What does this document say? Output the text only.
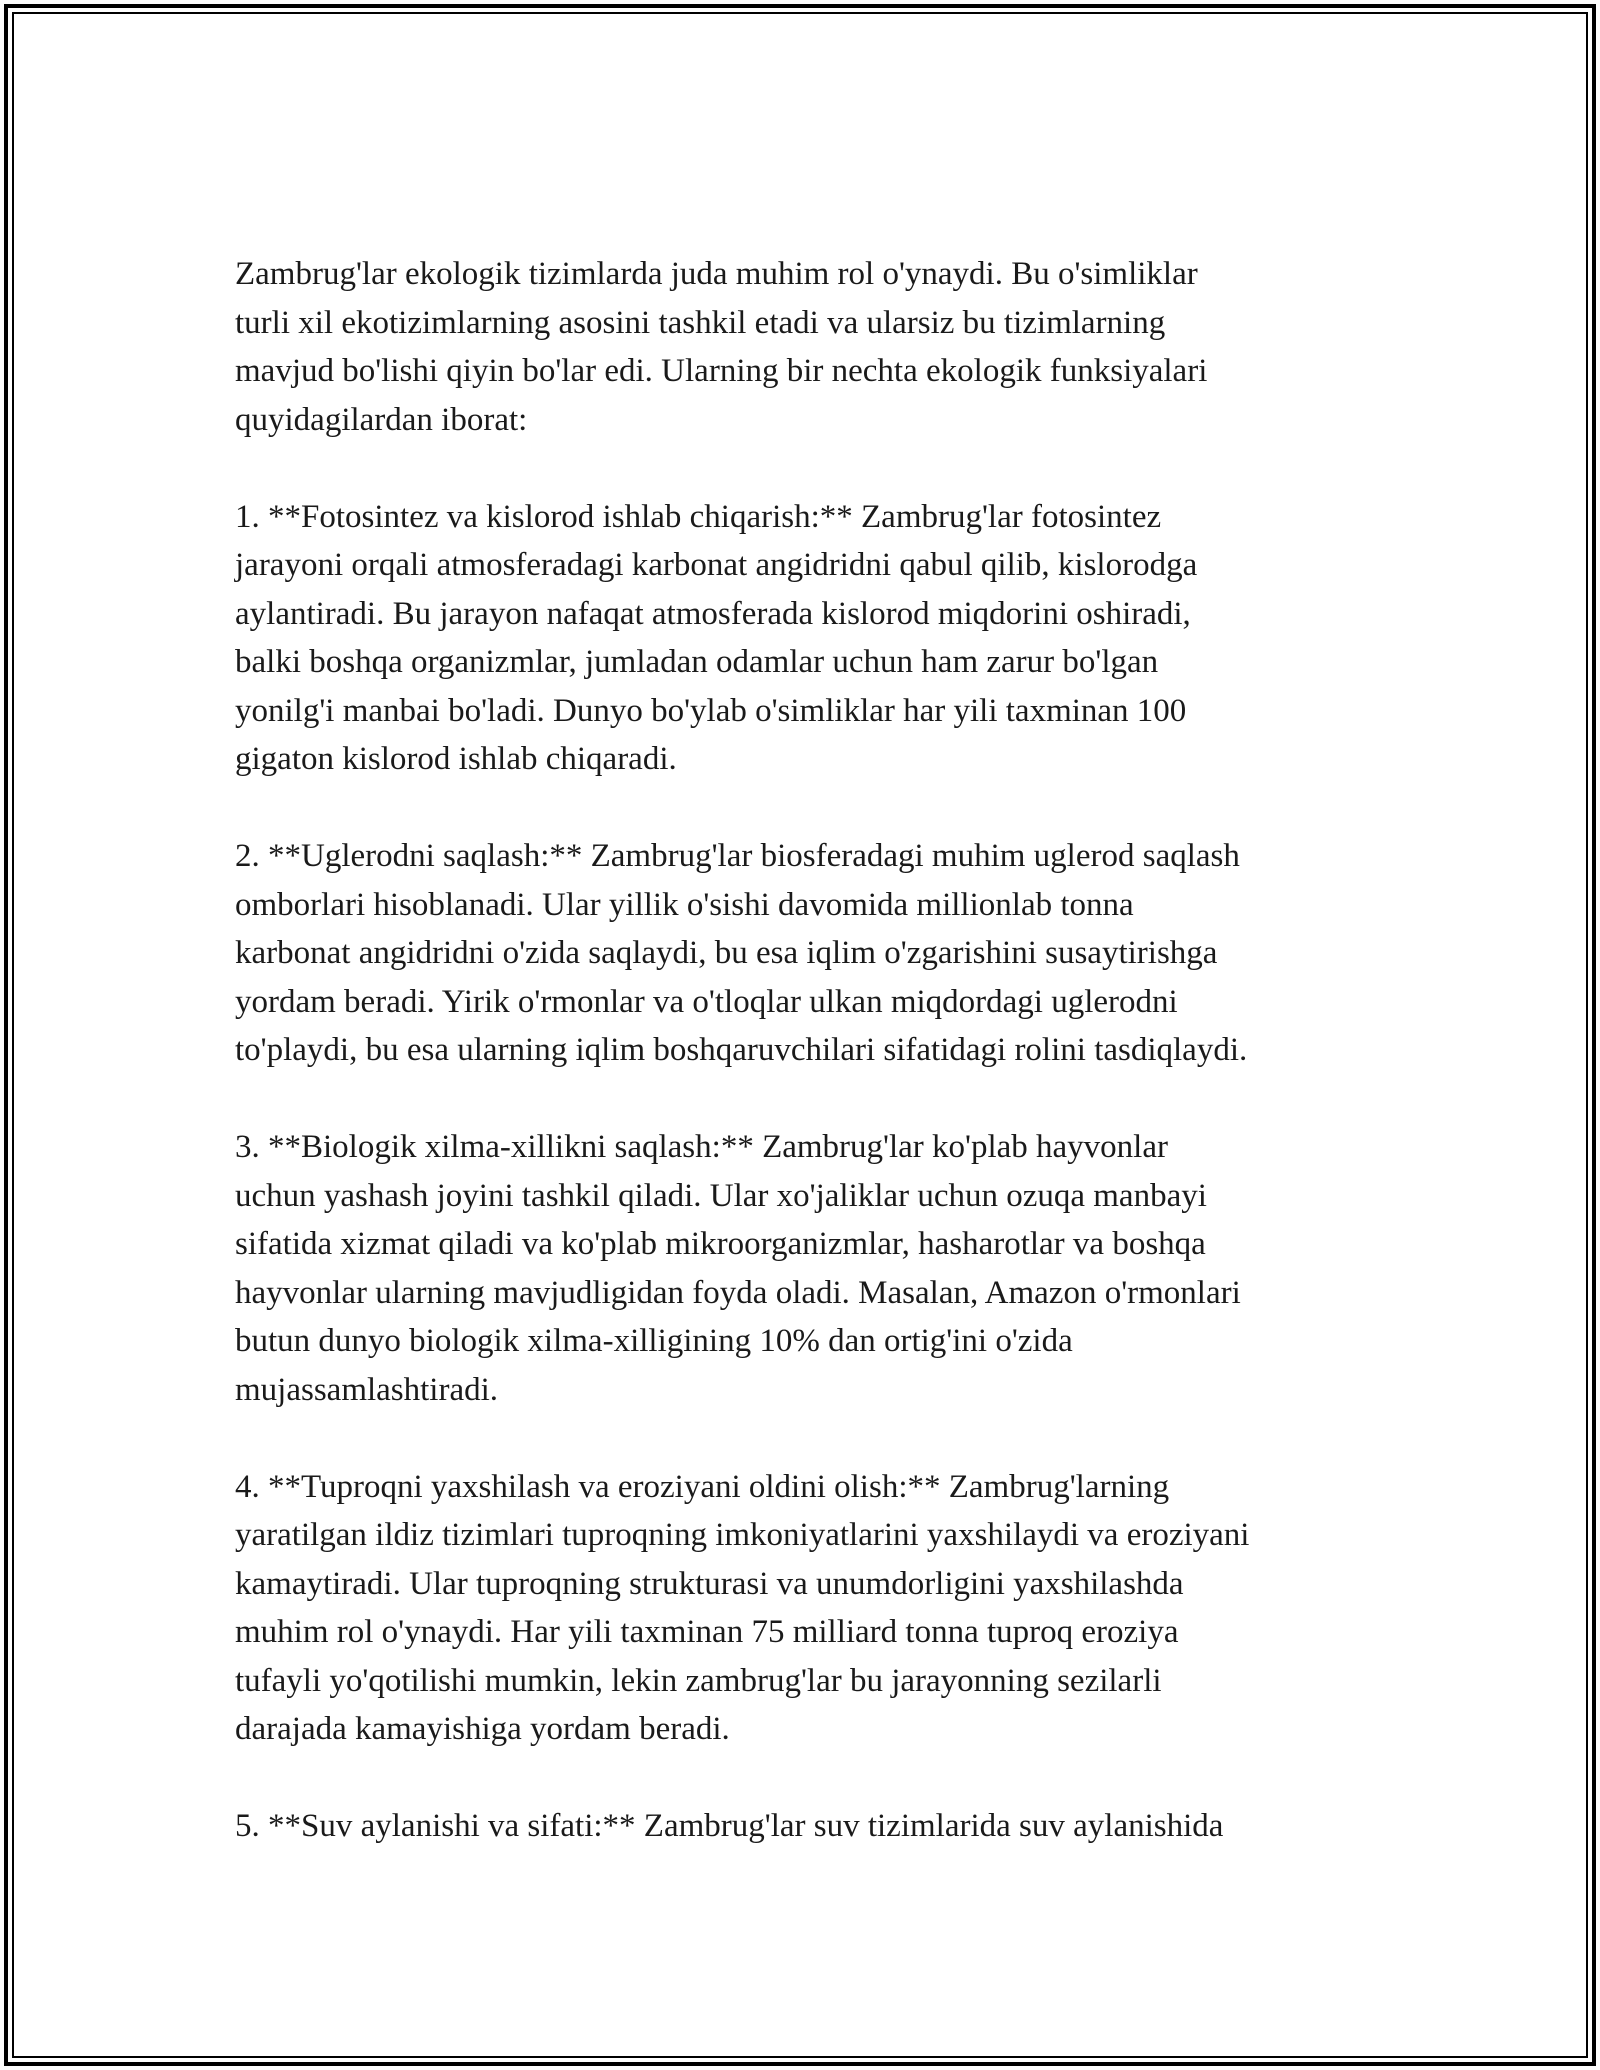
Zambrug'lar ekologik tizimlarda juda muhim rol o'ynaydi. Bu o'simliklar
turli xil ekotizimlarning asosini tashkil etadi va ularsiz bu tizimlarning
mavjud bo'lishi qiyin bo'lar edi. Ularning bir nechta ekologik funksiyalari
quyidagilardan iborat:

1. **Fotosintez va kislorod ishlab chiqarish:** Zambrug'lar fotosintez
jarayoni orqali atmosferadagi karbonat angidridni qabul qilib, kislorodga
aylantiradi. Bu jarayon nafaqat atmosferada kislorod miqdorini oshiradi,
balki boshqa organizmlar, jumladan odamlar uchun ham zarur bo'lgan
yonilg'i manbai bo'ladi. Dunyo bo'ylab o'simliklar har yili taxminan 100
gigaton kislorod ishlab chiqaradi.

2. **Uglerodni saqlash:** Zambrug'lar biosferadagi muhim uglerod saqlash
omborlari hisoblanadi. Ular yillik o'sishi davomida millionlab tonna
karbonat angidridni o'zida saqlaydi, bu esa iqlim o'zgarishini susaytirishga
yordam beradi. Yirik o'rmonlar va o'tloqlar ulkan miqdordagi uglerodni
to'playdi, bu esa ularning iqlim boshqaruvchilari sifatidagi rolini tasdiqlaydi.

3. **Biologik xilma-xillikni saqlash:** Zambrug'lar ko'plab hayvonlar
uchun yashash joyini tashkil qiladi. Ular xo'jaliklar uchun ozuqa manbayi
sifatida xizmat qiladi va ko'plab mikroorganizmlar, hasharotlar va boshqa
hayvonlar ularning mavjudligidan foyda oladi. Masalan, Amazon o'rmonlari
butun dunyo biologik xilma-xilligining 10% dan ortig'ini o'zida
mujassamlashtiradi.

4. **Tuproqni yaxshilash va eroziyani oldini olish:** Zambrug'larning
yaratilgan ildiz tizimlari tuproqning imkoniyatlarini yaxshilaydi va eroziyani
kamaytiradi. Ular tuproqning strukturasi va unumdorligini yaxshilashda
muhim rol o'ynaydi. Har yili taxminan 75 milliard tonna tuproq eroziya
tufayli yo'qotilishi mumkin, lekin zambrug'lar bu jarayonning sezilarli
darajada kamayishiga yordam beradi.

5. **Suv aylanishi va sifati:** Zambrug'lar suv tizimlarida suv aylanishida
